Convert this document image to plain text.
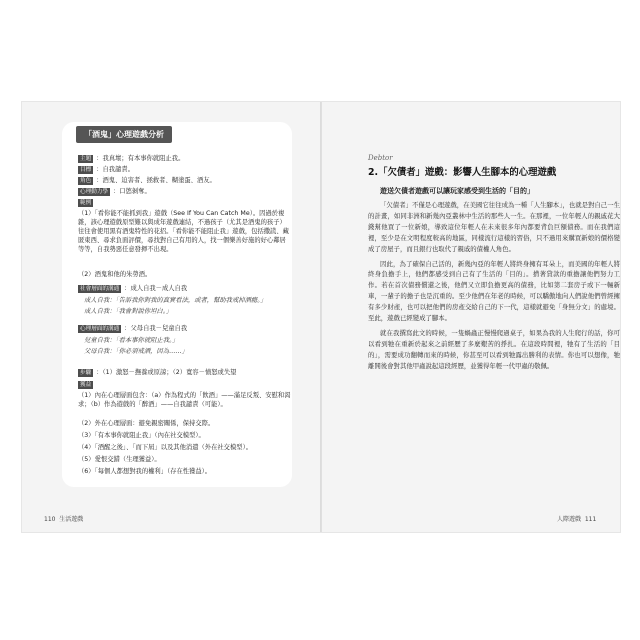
「酒鬼」心理遊戲分析
主題 ：我真壞；有本事你就阻止我。
目標 ：自我譴責。
角色 ：酒鬼、迫害者、拯救者、糊塗蛋、酒友。
心理動力學 ：口慾剝奪。
範例
（1）「看你能不能抓到我」遊戲（See If You Can Catch Me）。因過於複雜，該心理遊戲原型難以與成年遊戲連結，不過孩子（尤其是酒鬼的孩子）往往會使用黑有酒鬼特性的花招。「看你能不能阻止我」遊戲，包括撒謊、藏匿東西、尋求負面評價，尋找對自己有用的人，找一個樂善好施的好心鄰居等等，自我勢惡任意發揮不出現。
（2）酒鬼和他的朱勞酒。
社會層面的溝通 ：成人自我－成人自我
成人自我：「告訴我你對我的真實看法，或者，幫助我戒掉酒瘾。」
成人自我：「我會對說你坦白。」
心理層面的溝通 ：父母自我－兒童自我
兒童自我：「看本事你就阻止我。」
父母自我：「你必須戒酒，因為……」
步驟 ：（1）激怒－撫養或原諒；（2）寬容－憤怒或失望
獲益
（1）內在心理層面包含：（a）作為程式的「飲酒」——滿足反叛、安慰和渴求；（b）作為遊戲的「醉酒」——自我譴責（可能）。
（2）外在心理層面：避免親密關係，保持交際。
（3）「有本事你就阻止我」（內在社交模型）。
（4）「酒醒之後」、「而下屆」以及其他消遣（外在社交模型）。
（5）愛恨交錯（生理獲益）。
（6）「每個人都想對我的權利」（存在性獲益）。
110 生活遊戲
Debtor
2.「欠債者」遊戲：影響人生腳本的心理遊戲
遊送欠債者遊戲可以讓玩家感受到生活的「目的」

「欠債者」不僅是心理遊戲，在美國它往往成為一種「人生腳本」，也就是對自己一生的計畫，如同非洲和新幾內亞叢林中生活的那些人一生。在那裡，一位年輕人的親戚花大錢幫他買了一位新娘，導致這位年輕人在未來很多年內都要背負巨額債務。而在我們這裡，至少是在文明程度較高的地區，同樣流行這樣的習俗，只不過用來購買新娘的價格變成了房屋子，而且銀行也取代了親戚的債權人角色。

因此，為了確保自己活的，新幾內亞的年輕人將終身擁有耳朵上，而美國的年輕人將終身負擔手上，他們都感受到自己有了生活的「目的」。揹著貸款的重擔讓他們努力工作。若在首次債務償還之後，他們又立即負擔更高的債務，比如第二套房子或下一輛新車，一輩子的擔子也是沉重的。至少他們在年老的時候，可以驕傲地向人們說他們曾經擁有多少財產，也可以把他們的房產交給自己的下一代，這樣就避免「身無分文」的處境。至此，遊戲已經變成了腳本。

就在我撰寫此文的時候，一隻蝸蟲正慢慢爬過桌子，如果為我的人生爬行的話，你可以看到牠在重新於起來之前經歷了多麼艱苦的掙扎。在這段時間裡，牠有了生活的「目的」，需要成功翻轉而來的時候，你甚至可以看到牠露出勝利的表情。你也可以想像，牠離開後會對其他甲蟲說起這段經歷，並獲得年輕一代甲蟲的敬佩。

人際遊戲 111
